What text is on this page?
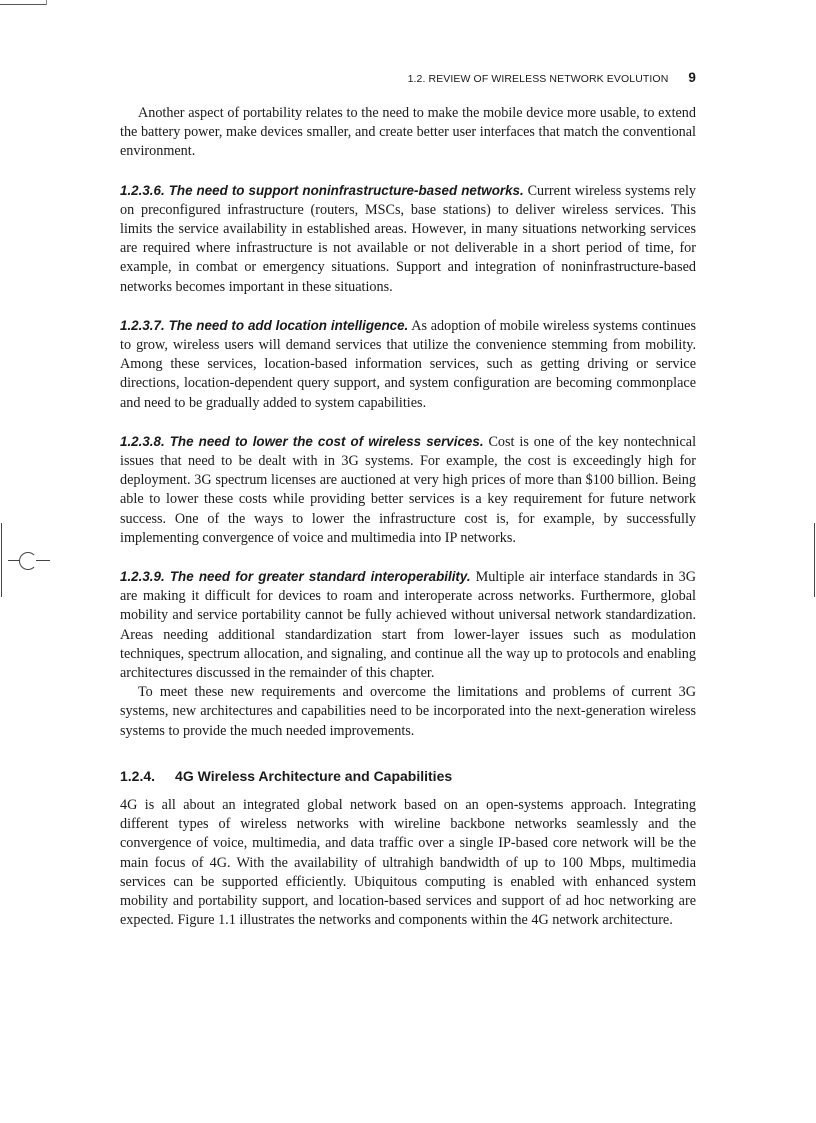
1.2. REVIEW OF WIRELESS NETWORK EVOLUTION 9

Another aspect of portability relates to the need to make the mobile device more usable, to extend the battery power, make devices smaller, and create better user interfaces that match the conventional environment.

1.2.3.6. The need to support noninfrastructure-based networks. Current wireless systems rely on preconfigured infrastructure (routers, MSCs, base stations) to deliver wireless services. This limits the service availability in established areas. However, in many situations networking services are required where infrastructure is not available or not deliverable in a short period of time, for example, in combat or emergency situations. Support and integration of noninfrastructure-based networks becomes important in these situations.

1.2.3.7. The need to add location intelligence. As adoption of mobile wireless systems continues to grow, wireless users will demand services that utilize the convenience stemming from mobility. Among these services, location-based information services, such as getting driving or service directions, location-dependent query support, and system configuration are becoming commonplace and need to be gradually added to system capabilities.

1.2.3.8. The need to lower the cost of wireless services. Cost is one of the key nontechnical issues that need to be dealt with in 3G systems. For example, the cost is exceedingly high for deployment. 3G spectrum licenses are auctioned at very high prices of more than $100 billion. Being able to lower these costs while providing better services is a key requirement for future network success. One of the ways to lower the infrastructure cost is, for example, by successfully implementing convergence of voice and multimedia into IP networks.

1.2.3.9. The need for greater standard interoperability. Multiple air interface standards in 3G are making it difficult for devices to roam and interoperate across networks. Furthermore, global mobility and service portability cannot be fully achieved without universal network standardization. Areas needing additional standardization start from lower-layer issues such as modulation techniques, spectrum allocation, and signaling, and continue all the way up to protocols and enabling architectures discussed in the remainder of this chapter.

To meet these new requirements and overcome the limitations and problems of current 3G systems, new architectures and capabilities need to be incorporated into the next-generation wireless systems to provide the much needed improvements.

1.2.4. 4G Wireless Architecture and Capabilities

4G is all about an integrated global network based on an open-systems approach. Integrating different types of wireless networks with wireline backbone networks seamlessly and the convergence of voice, multimedia, and data traffic over a single IP-based core network will be the main focus of 4G. With the availability of ultrahigh bandwidth of up to 100 Mbps, multimedia services can be supported efficiently. Ubiquitous computing is enabled with enhanced system mobility and portability support, and location-based services and support of ad hoc networking are expected. Figure 1.1 illustrates the networks and components within the 4G network architecture.
